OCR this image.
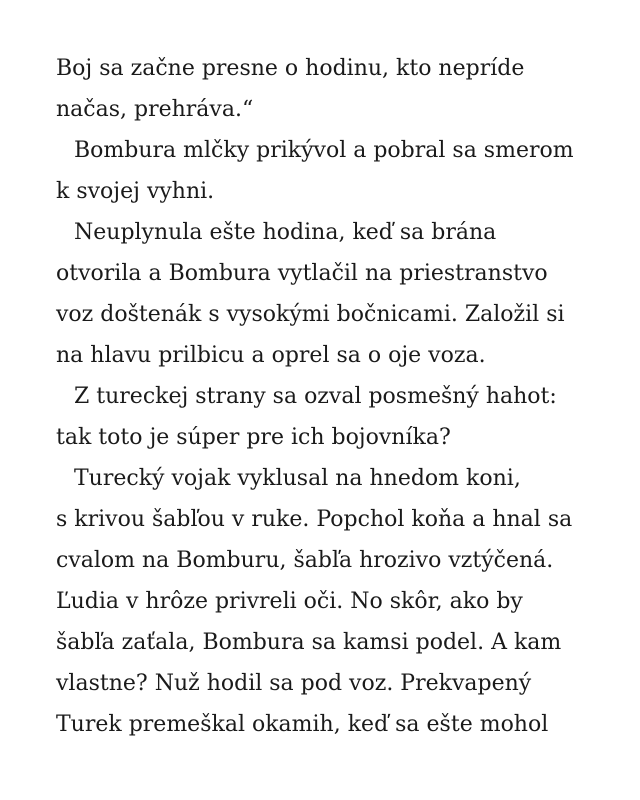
Boj sa začne presne o hodinu, kto nepríde
načas, prehráva.“
Bombura mlčky prikývol a pobral sa smerom
k svojej vyhni.
Neuplynula ešte hodina, keď sa brána
otvorila a Bombura vytlačil na priestranstvo
voz doštenák s vysokými bočnicami. Založil si
na hlavu prilbicu a oprel sa o oje voza.
Z tureckej strany sa ozval posmešný hahot:
tak toto je súper pre ich bojovníka?
Turecký vojak vyklusal na hnedom koni,
s krivou šabľou v ruke. Popchol koňa a hnal sa
cvalom na Bomburu, šabľa hrozivo vztýčená.
Ľudia v hrôze privreli oči. No skôr, ako by
šabľa zaťala, Bombura sa kamsi podel. A kam
vlastne? Nuž hodil sa pod voz. Prekvapený
Turek premeškal okamih, keď sa ešte mohol
